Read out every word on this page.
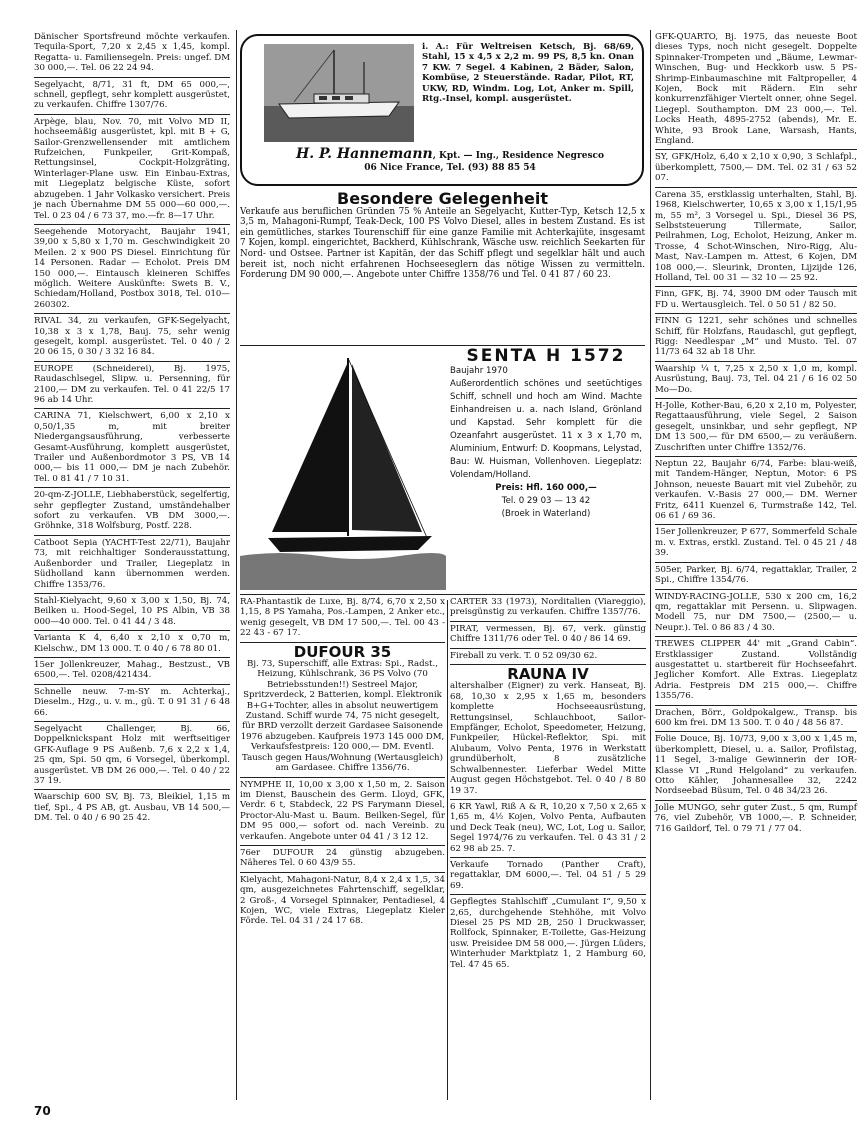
Dänischer Sportsfreund möchte verkaufen. Tequila-Sport, 7,20 x 2,45 x 1,45, kompl. Regatta- u. Familiensegeln. Preis: ungef. DM 30 000,—. Tel. 06 22 24 94.
Segelyacht, 8/71, 31 ft, DM 65 000,—, schnell, gepflegt, sehr komplett ausgerüstet, zu verkaufen. Chiffre 1307/76.
Arpège, blau, Nov. 70, mit Volvo MD II, hochseemäßig ausgerüstet, kpl. mit B + G, Sailor-Grenzwellensender mit amtlichem Rufzeichen, Funkpeiler, Grit-Kompaß, Rettungsinsel, Cockpit-Holzgräting, Winterlager-Plane usw. Ein Einbau-Extras, mit Liegeplatz belgische Küste, sofort abzugeben. 1 Jahr Volkasko versichert. Preis je nach Übernahme DM 55 000—60 000,—. Tel. 0 23 04 / 6 73 37, mo.—fr. 8—17 Uhr.
Seegehende Motoryacht, Baujahr 1941, 39,00 x 5,80 x 1,70 m. Geschwindigkeit 20 Meilen. 2 x 900 PS Diesel. Einrichtung für 14 Personen. Radar — Echolot. Preis DM 150 000,—. Eintausch kleineren Schiffes möglich. Weitere Auskünfte: Swets B. V., Schiedam/Holland, Postbox 3018, Tel. 010—260302.
RIVAL 34, zu verkaufen, GFK-Segelyacht, 10,38 x 3 x 1,78, Bauj. 75, sehr wenig gesegelt, kompl. ausgerüstet. Tel. 0 40 / 2 20 06 15, 0 30 / 3 32 16 84.
EUROPE (Schneiderei), Bj. 1975, Raudaschlsegel, Slipw. u. Persenning, für 2100,— DM zu verkaufen. Tel. 0 41 22/5 17 96 ab 14 Uhr.
CARINA 71, Kielschwert, 6,00 x 2,10 x 0,50/1,35 m, mit breiter Niedergangsausführung, verbesserte Gesamt-Ausführung, komplett ausgerüstet, Trailer und Außenbordmotor 3 PS, VB 14 000,— bis 11 000,— DM je nach Zubehör. Tel. 0 81 41 / 7 10 31.
20-qm-Z-JOLLE, Liebhaberstück, segelfertig, sehr gepflegter Zustand, umständehalber sofort zu verkaufen. VB DM 3000,—. Gröhnke, 318 Wolfsburg, Postf. 228.
Catboot Sepia (YACHT-Test 22/71), Baujahr 73, mit reichhaltiger Sonderausstattung, Außenborder und Trailer, Liegeplatz in Südholland kann übernommen werden. Chiffre 1353/76.
Stahl-Kielyacht, 9,60 x 3,00 x 1,50, Bj. 74, Beilken u. Hood-Segel, 10 PS Albin, VB 38 000—40 000. Tel. 0 41 44 / 3 48.
Varianta K 4, 6,40 x 2,10 x 0,70 m, Kielschw., DM 13 000. T. 0 40 / 6 78 80 01.
15er Jollenkreuzer, Mahag., Bestzust., VB 6500,—. Tel. 0208/421434.
Schnelle neuw. 7-m-SY m. Achterkaj., Dieselm., Hzg., u. v. m., gü. T. 0 91 31 / 6 48 66.
Segelyacht Challenger, Bj. 66, Doppelknickspant Holz mit werftseitiger GFK-Auflage 9 PS Außenb. 7,6 x 2,2 x 1,4, 25 qm, Spi. 50 qm, 6 Vorsegel, überkompl. ausgerüstet. VB DM 26 000,—. Tel. 0 40 / 22 37 19.
Waarschip 600 SV, Bj. 73, Bleikiel, 1,15 m tief, Spi., 4 PS AB, gt. Ausbau, VB 14 500,— DM. Tel. 0 40 / 6 90 25 42.
i. A.: Für Weltreisen Ketsch, Bj. 68/69, Stahl, 15 x 4,5 x 2,2 m. 99 PS, 8,5 kn. Onan 7 KW. 7 Segel. 4 Kabinen, 2 Bäder, Salon, Kombüse, 2 Steuerstände. Radar, Pilot, RT, UKW, RD, Windm. Log, Lot, Anker m. Spill, Rtg.-Insel, kompl. ausgerüstet.
H. P. Hannemann, Kpt. — Ing., Residence Negresco
06 Nice France, Tel. (93) 88 85 54
Besondere Gelegenheit
Verkaufe aus beruflichen Gründen 75 % Anteile an Segelyacht, Kutter-Typ, Ketsch 12,5 x 3,5 m, Mahagoni-Rumpf, Teak-Deck, 100 PS Volvo Diesel, alles in bestem Zustand. Es ist ein gemütliches, starkes Tourenschiff für eine ganze Familie mit Achterkajüte, insgesamt 7 Kojen, kompl. eingerichtet, Backherd, Kühlschrank, Wäsche usw. reichlich Seekarten für Nord- und Ostsee. Partner ist Kapitän, der das Schiff pflegt und segelklar hält und auch bereit ist, noch nicht erfahrenen Hochseeseglern das nötige Wissen zu vermitteln. Forderung DM 90 000,—. Angebote unter Chiffre 1358/76 und Tel. 0 41 87 / 60 23.
SENTA H 1572
Baujahr 1970
Außerordentlich schönes und seetüchtiges Schiff, schnell und hoch am Wind. Machte Einhandreisen u. a. nach Island, Grönland und Kapstad. Sehr komplett für die Ozeanfahrt ausgerüstet. 11 x 3 x 1,70 m, Aluminium, Entwurf: D. Koopmans, Lelystad, Bau: W. Huisman, Vollenhoven. Liegeplatz: Volendam/Holland.
Preis: Hfl. 160 000,—
Tel. 0 29 03 — 13 42
(Broek in Waterland)
RA-Phantastik de Luxe, Bj. 8/74, 6,70 x 2,50 x 1,15, 8 PS Yamaha, Pos.-Lampen, 2 Anker etc., wenig gesegelt, VB DM 17 500,—. Tel. 00 43 - 22 43 - 67 17.
DUFOUR 35
Bj. 73, Superschiff, alle Extras: Spi., Radst., Heizung, Kühlschrank, 36 PS Volvo (70 Betriebsstunden!!) Sestreel Major, Spritzverdeck, 2 Batterien, kompl. Elektronik B+G+Tochter, alles in absolut neuwertigem Zustand. Schiff wurde 74, 75 nicht gesegelt, für BRD verzollt derzeit Gardasee Saisonende 1976 abzugeben. Kaufpreis 1973 145 000 DM, Verkaufsfestpreis: 120 000,— DM. Eventl. Tausch gegen Haus/Wohnung (Wertausgleich) am Gardasee. Chiffre 1356/76.
NYMPHE II, 10,00 x 3,00 x 1,50 m, 2. Saison im Dienst, Bauschein des Germ. Lloyd, GFK, Verdr. 6 t, Stabdeck, 22 PS Farymann Diesel, Proctor-Alu-Mast u. Baum. Beilken-Segel, für DM 95 000,— sofort od. nach Vereinb. zu verkaufen. Angebote unter 04 41 / 3 12 12.
76er DUFOUR 24 günstig abzugeben. Näheres Tel. 0 60 43/9 55.
Kielyacht, Mahagoni-Natur, 8,4 x 2,4 x 1,5, 34 qm, ausgezeichnetes Fahrtenschiff, segelklar, 2 Groß-, 4 Vorsegel Spinnaker, Pentadiesel, 4 Kojen, WC, viele Extras, Liegeplatz Kieler Förde. Tel. 04 31 / 24 17 68.
CARTER 33 (1973), Norditalien (Viareggio), preisgünstig zu verkaufen. Chiffre 1357/76.
PIRAT, vermessen, Bj. 67, verk. günstig Chiffre 1311/76 oder Tel. 0 40 / 86 14 69.
Fireball zu verk. T. 0 52 09/30 62.
RAUNA IV
altershalber (Eigner) zu verk. Hanseat, Bj. 68, 10,30 x 2,95 x 1,65 m, besonders komplette Hochseeausrüstung, Rettungsinsel, Schlauchboot, Sailor-Empfänger, Echolot, Speedometer, Heizung, Funkpeiler, Hückel-Reflektor, Spi. mit Alubaum, Volvo Penta, 1976 in Werkstatt grundüberholt, 8 zusätzliche Schwalbennester. Lieferbar Wedel Mitte August gegen Höchstgebot. Tel. 0 40 / 8 80 19 37.
6 KR Yawl, Riß A & R, 10,20 x 7,50 x 2,65 x 1,65 m, 4½ Kojen, Volvo Penta, Aufbauten und Deck Teak (neu), WC, Lot, Log u. Sailor, Segel 1974/76 zu verkaufen. Tel. 0 43 31 / 2 62 98 ab 25. 7.
Verkaufe Tornado (Panther Craft), regattaklar, DM 6000,—. Tel. 04 51 / 5 29 69.
Gepflegtes Stahlschiff „Cumulant I“, 9,50 x 2,65, durchgehende Stehhöhe, mit Volvo Diesel 25 PS MD 2B, 250 l Druckwasser, Rollfock, Spinnaker, E-Toilette, Gas-Heizung usw. Preisidee DM 58 000,—. Jürgen Lüders, Winterhuder Marktplatz 1, 2 Hamburg 60, Tel. 47 45 65.
GFK-QUARTO, Bj. 1975, das neueste Boot dieses Typs, noch nicht gesegelt. Doppelte Spinnaker-Trompeten und „Bäume, Lewmar-Winschen, Bug- und Heckkorb usw. 5 PS-Shrimp-Einbaumaschine mit Faltpropeller, 4 Kojen, Bock mit Rädern. Ein sehr konkurrenzfähiger Viertelt onner, ohne Segel. Liegepl. Southampton. DM 23 000,—. Tel. Locks Heath, 4895-2752 (abends), Mr. E. White, 93 Brook Lane, Warsash, Hants, England.
SY, GFK/Holz, 6,40 x 2,10 x 0,90, 3 Schlafpl., überkomplett, 7500,— DM. Tel. 02 31 / 63 52 07.
Carena 35, erstklassig unterhalten, Stahl, Bj. 1968, Kielschwerter, 10,65 x 3,00 x 1,15/1,95 m, 55 m², 3 Vorsegel u. Spi., Diesel 36 PS, Selbststeuerung Tillermate, Sailor, Peilrahmen, Log, Echolot, Heizung, Anker m. Trosse, 4 Schot-Winschen, Niro-Rigg, Alu-Mast, Nav.-Lampen m. Attest, 6 Kojen, DM 108 000,—. Sleurink, Dronten, Lijzijde 126, Holland, Tel. 00 31 — 32 10 — 25 92.
Finn, GFK, Bj. 74, 3900 DM oder Tausch mit FD u. Wertausgleich. Tel. 0 50 51 / 82 50.
FINN G 1221, sehr schönes und schnelles Schiff, für Holzfans, Raudaschl, gut gepflegt, Rigg: Needlespar „M“ und Musto. Tel. 07 11/73 64 32 ab 18 Uhr.
Waarship ¼ t, 7,25 x 2,50 x 1,0 m, kompl. Ausrüstung, Bauj. 73, Tel. 04 21 / 6 16 02 50 Mo—Do.
H-Jolle, Kother-Bau, 6,20 x 2,10 m, Polyester, Regattaausführung, viele Segel, 2 Saison gesegelt, unsinkbar, und sehr gepflegt, NP DM 13 500,— für DM 6500,— zu veräußern. Zuschriften unter Chiffre 1352/76.
Neptun 22, Baujahr 6/74, Farbe: blau-weiß, mit Tandem-Hänger, Neptun, Motor: 6 PS Johnson, neueste Bauart mit viel Zubehör, zu verkaufen. V.-Basis 27 000,— DM. Werner Fritz, 6411 Kuenzel 6, Turmstraße 142, Tel. 06 61 / 69 36.
15er Jollenkreuzer, P 677, Sommerfeld Schale m. v. Extras, erstkl. Zustand. Tel. 0 45 21 / 48 39.
505er, Parker, Bj. 6/74, regattaklar, Trailer, 2 Spi., Chiffre 1354/76.
WINDY-RACING-JOLLE, 530 x 200 cm, 16,2 qm, regattaklar mit Persenn. u. Slipwagen. Modell 75, nur DM 7500,— (2500,— u. Neupr.). Tel. 0 86 83 / 4 30.
TREWES CLIPPER 44' mit „Grand Cabin“. Erstklassiger Zustand. Vollständig ausgestattet u. startbereit für Hochseefahrt. Jeglicher Komfort. Alle Extras. Liegeplatz Adria. Festpreis DM 215 000,—. Chiffre 1355/76.
Drachen, Börr., Goldpokalgew., Transp. bis 600 km frei. DM 13 500. T. 0 40 / 48 56 87.
Folie Douce, Bj. 10/73, 9,00 x 3,00 x 1,45 m, überkomplett, Diesel, u. a. Sailor, Profilstag, 11 Segel, 3-malige Gewinnerin der IOR-Klasse VI „Rund Helgoland“ zu verkaufen. Otto Kähler, Johannesallee 32, 2242 Nordseebad Büsum, Tel. 0 48 34/23 26.
Jolle MUNGO, sehr guter Zust., 5 qm, Rumpf 76, viel Zubehör, VB 1000,—. P. Schneider, 716 Gaildorf, Tel. 0 79 71 / 77 04.
70
